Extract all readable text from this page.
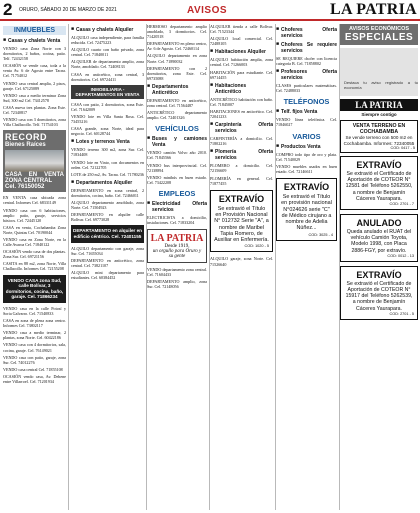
2 ORURO, SÁBADO 20 DE MARZO DE 2021	AVISOS	LA PATRIA
INMUEBLES
■ Casas y chalets Venta
VENDO casa Zona Norte con 3 dormitorios, 2 baños, cocina, patio. Telf. 72432158
OCASIÓN se vende casa, toda a la venta Av. 6 de Agosto entre Tacna. Cel. 71754012
VENDO casa central amplia, 2 pisos, garaje. Cel. 67125089
VENDO casa a medio terminar Zona Sud, 300 m2 Cel. 73412578
CASA nueva tres plantas. Zona Este. Cel. 72340817
VENDO casa con 3 dormitorios, zona Villa Challacollo. Telf. 71754103
RECORD
Bienes Raíces
CASA EN VENTA ZONA CENTRAL
Cel. 76150052
EN VENTA casa ubicada zona central. Informes Cel. 68331149
VENDO casa con 6 habitaciones, amplio patio, garaje, servicios básicos. Cel. 72445120
CASA en venta, Cochabamba Zona Norte, Quintas Cel. 70190044
VENDO casa en Zona Norte, en la Calle Avaroa Cel. 71840122
OCASIÓN vendo casa de dos plantas. Zona Sur. Cel. 69721156
CASITA en 88 m2, zona Norte, Villa Challacollo. Informes Cel. 72155208
VENDO CASA zona Sud, calle Bolívar, 3 dormitorios, cocina, baño, garaje. Cel. 71866234
VENDO casa en la calle Potosí y Soria Galvarro. Cel. 71540833
CASA en zona de plena zona centro. Informes Cel. 73802117
VENDO casa a medio terminar, 2 plantas, zona Norte. Cel. 60422186
VENDO casa con 4 dormitorios, sala, cocina, garaje. Cel. 76149021
VENDO casa con patio, garaje, zona Sur. Cel. 74012276
VENDO casa central Cel. 71855108
OCASIÓN vendo casa, Av. Dehene entre Villarroel. Cel. 71201934
■ Casas y chalets Alquiler
ALQUILO casa independiente, para familia reducida. Cel. 72475223
ALQUILO cuarto con baño privado, zona central. Cel. 71840011
ALQUILER de departamento amplio, zona Norte, amoblado. Cel. 72408133
CASA en anticrético, zona central, 3 dormitorios. Cel. 69724411
INMOBILIARIA - DEPARTAMENTOS EN VENTA
CASA con patio, 2 dormitorios, zona Este. Cel. 71642009
VENDO lote en Villa Santa Rosa. Cel. 73455216
CASA grande, zona Norte, ideal para negocio. Cel. 60128744
■ Lotes y terrenos Venta
VENDO terreno 300 m2, zona Sur. Cel. 71834408
VENDO lote en Vinto, con documentos en orden. Cel. 72122705
LOTE de 250 m2, Av. Tacna. Cel. 71780236
■ Departamentos Alquiler
DEPARTAMENTO en zona central, 2 dormitorios, cocina, baño. Cel. 72466011
ALQUILO departamento amoblado, zona Norte. Cel. 71504923
DEPARTAMENTO en alquiler calle Bolívar. Cel. 69773028
DEPARTAMENTO en alquiler en edificio céntrico. Cel. 72401155
ALQUILO departamento con garaje, zona Sur. Cel. 71655034
DEPARTAMENTO en anticrético, zona central. Cel. 73821107
ALQUILO mini departamento para estudiantes. Cel. 60384452
HERMOSO departamento amplio amoblado, 3 dormitorios. Cel. 71420518
DEPARTAMENTO en pleno centro, Av. 6 de Agosto. Cel. 72460114
ALQUILO departamento en zona Norte. Cel. 71890032
DEPARTAMENTO con 2 dormitorios, zona Este. Cel. 69735088
■ Departamentos Anticrético
DEPARTAMENTO en anticrético, zona central. Cel. 71564487
ANTICRÉTICO departamento amplio. Cel. 72401326
VEHÍCULOS
■ Buses y camiones Venta
VENDO camión Volvo año 2010. Cel. 71845566
VENDO bus interprovincial. Cel. 72138894
VENDO minibús en buen estado. Cel. 73422208
EMPLEOS
■ Electricidad Oferta servicios
ELECTRICISTA a domicilio, instalaciones. Cel. 71833204
LA PATRIA
Desde 1919,
un orgullo para Oruro y su gente
VENDO departamento zona central. Cel. 71604433
DEPARTAMENTO amplio, zona Sur. Cel. 72148056
ALQUILER tienda a calle Bolívar. Cel. 71523344
ALQUILO local comercial. Cel. 72488105
■ Habitaciones Alquiler
ALQUILO habitación amplia, zona central. Cel. 71266003
HABITACIÓN para estudiante. Cel. 69714455
■ Habitaciones Anticrético
ANTICRÉTICO habitación con baño. Cel. 71845007
HABITACIONES en anticrético. Cel. 72041233
■ Carpintería Oferta servicios
CARPINTERÍA a domicilio. Cel. 71802216
■ Plomería Oferta servicios
PLOMERO a domicilio. Cel. 72156609
PLOMERÍA en general. Cel. 71877455
EXTRAVÍO
Se extravió el Título en Provisión Nacional N° 012732 Serie "A", a nombre de Maribel Tapia Romero, de Auxiliar en Enfermería.
COD: 1020 - 5
ALQUILO garaje, zona Norte. Cel. 71526640
■ Choferes Oferta servicios
■ Choferes Se requiere servicios
SE REQUIERE chofer con licencia categoría B. Cel. 71858802
■ Profesores Oferta servicios
CLASES particulares matemáticas. Cel. 72488033
TELÉFONOS
■ Telf. fijos Venta
VENDO línea telefónica. Cel. 71846027
VARIOS
■ Productos Venta
COMPRO todo tipo de oro y plata. Cel. 71540029
VENDO muebles usados en buen estado. Cel. 72146611
EXTRAVÍO
Se extravió el Título en provisión nacional N°024626 serie "C" de Médico cirujano a nombre de Adelia Núñez...
COD: 3025 - 4
AVISOS ECONÓMICOS
ESPECIALES
Destaca tu aviso registrado a tu economía
LA PATRIA
Siempre contigo
VENTA TERRENO EN COCHABAMBA
Se vende terreno con 500 m2 en Cochabamba. Informes: 72340055
COD: 0417 - 5
EXTRAVÍO
Se extravió el Certificado de Aportación de COTEOR N° 12581 del Teléfono 5262550, a nombre de Benjamín Cáceres Yaurapara.
COD: 2701 - 7
ANULADO
Queda anulado el RUAT del vehículo Camión Toyota, Modelo 1998, con Placa 2886-FGY, por extravío.
COD: 0012 - 13
EXTRAVÍO
Se extravió el Certificado de Aportación de COTEOR N° 15917 del Teléfono 5262539, a nombre de Benjamín Cáceres Yaurapara.
COD: 2701 - 5
